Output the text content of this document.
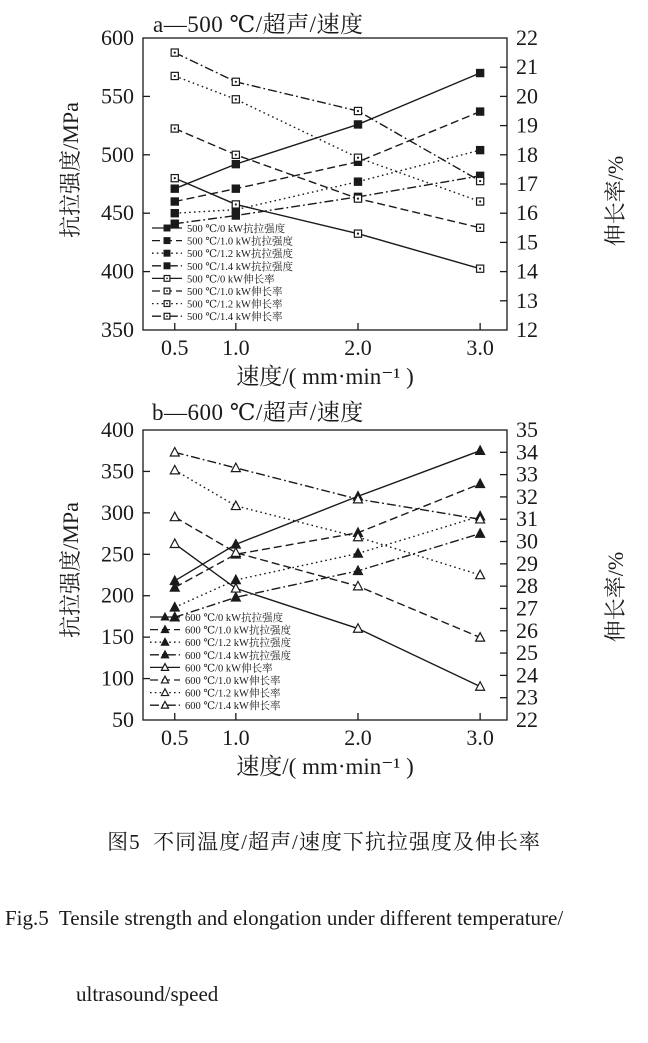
350
400
450
500
550
600
12
13
14
15
16
17
18
19
20
21
22
0.5 1.0	2.0	3.0
500 ℃/0 kW抗拉强度
500 ℃/1.0 kW抗拉强度
500 ℃/1.2 kW抗拉强度
500 ℃/1.4 kW抗拉强度
500 ℃/0 kW伸长率
500 ℃/1.0 kW伸长率
500 ℃/1.2 kW伸长率
500 ℃/1.4 kW伸长率
a—500 ℃/超声/速度
抗拉强度/MPa	伸长率/%
速度/( mm·min⁻¹ )
50
100
150
200
250
300
350
400
22
23
24
25
26
27
28
29
30
31
32
33
34
35
0.5 1.0	2.0	3.0
600 ℃/0 kW抗拉强度
600 ℃/1.0 kW抗拉强度
600 ℃/1.2 kW抗拉强度
600 ℃/1.4 kW抗拉强度
600 ℃/0 kW伸长率
600 ℃/1.0 kW伸长率
600 ℃/1.2 kW伸长率
600 ℃/1.4 kW伸长率
b—600 ℃/超声/速度
抗拉强度/MPa	伸长率/%
速度/( mm·min⁻¹ )

图5  不同温度/超声/速度下抗拉强度及伸长率

Fig.5  Tensile strength and elongation under different temperature/

ultrasound/speed
